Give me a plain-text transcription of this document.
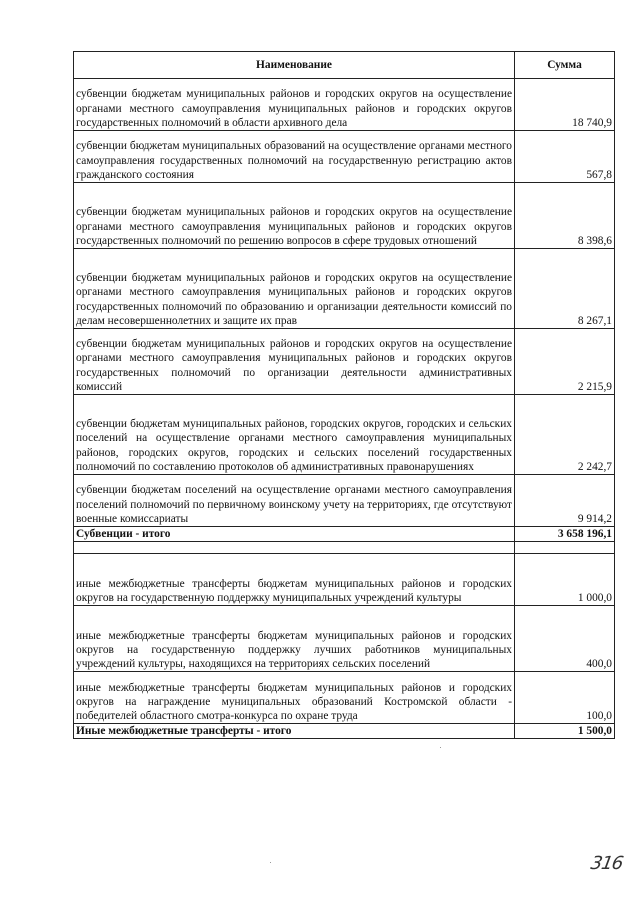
Наименование	Сумма
субвенции бюджетам муниципальных районов и городских округов на осуществление органами местного самоуправления муниципальных районов и городских округов государственных полномочий в области архивного дела	18 740,9
субвенции бюджетам муниципальных образований на осуществление органами местного самоуправления государственных полномочий на государственную регистрацию актов гражданского состояния	567,8
субвенции бюджетам муниципальных районов и городских округов на осуществление органами местного самоуправления муниципальных районов и городских округов государственных полномочий по решению вопросов в сфере трудовых отношений	8 398,6
субвенции бюджетам муниципальных районов и городских округов на осуществление органами местного самоуправления муниципальных районов и городских округов государственных полномочий по образованию и организации деятельности комиссий по делам несовершеннолетних и защите их прав	8 267,1
субвенции бюджетам муниципальных районов и городских округов на осуществление органами местного самоуправления муниципальных районов и городских округов государственных полномочий по организации деятельности административных комиссий	2 215,9
субвенции бюджетам муниципальных районов, городских округов, городских и сельских поселений на осуществление органами местного самоуправления муниципальных районов, городских округов, городских и сельских поселений государственных полномочий по составлению протоколов об административных правонарушениях	2 242,7
субвенции бюджетам поселений на осуществление органами местного самоуправления поселений полномочий по первичному воинскому учету на территориях, где отсутствуют военные комиссариаты	9 914,2
Субвенции - итого	3 658 196,1

иные межбюджетные трансферты бюджетам муниципальных районов и городских округов на государственную поддержку муниципальных учреждений культуры	1 000,0
иные межбюджетные трансферты бюджетам муниципальных районов и городских округов на государственную поддержку лучших работников муниципальных учреждений культуры, находящихся на территориях сельских поселений	400,0
иные межбюджетные трансферты бюджетам муниципальных районов и городских округов на награждение муниципальных образований Костромской области - победителей областного смотра-конкурса по охране труда	100,0
Иные межбюджетные трансферты - итого	1 500,0
316
